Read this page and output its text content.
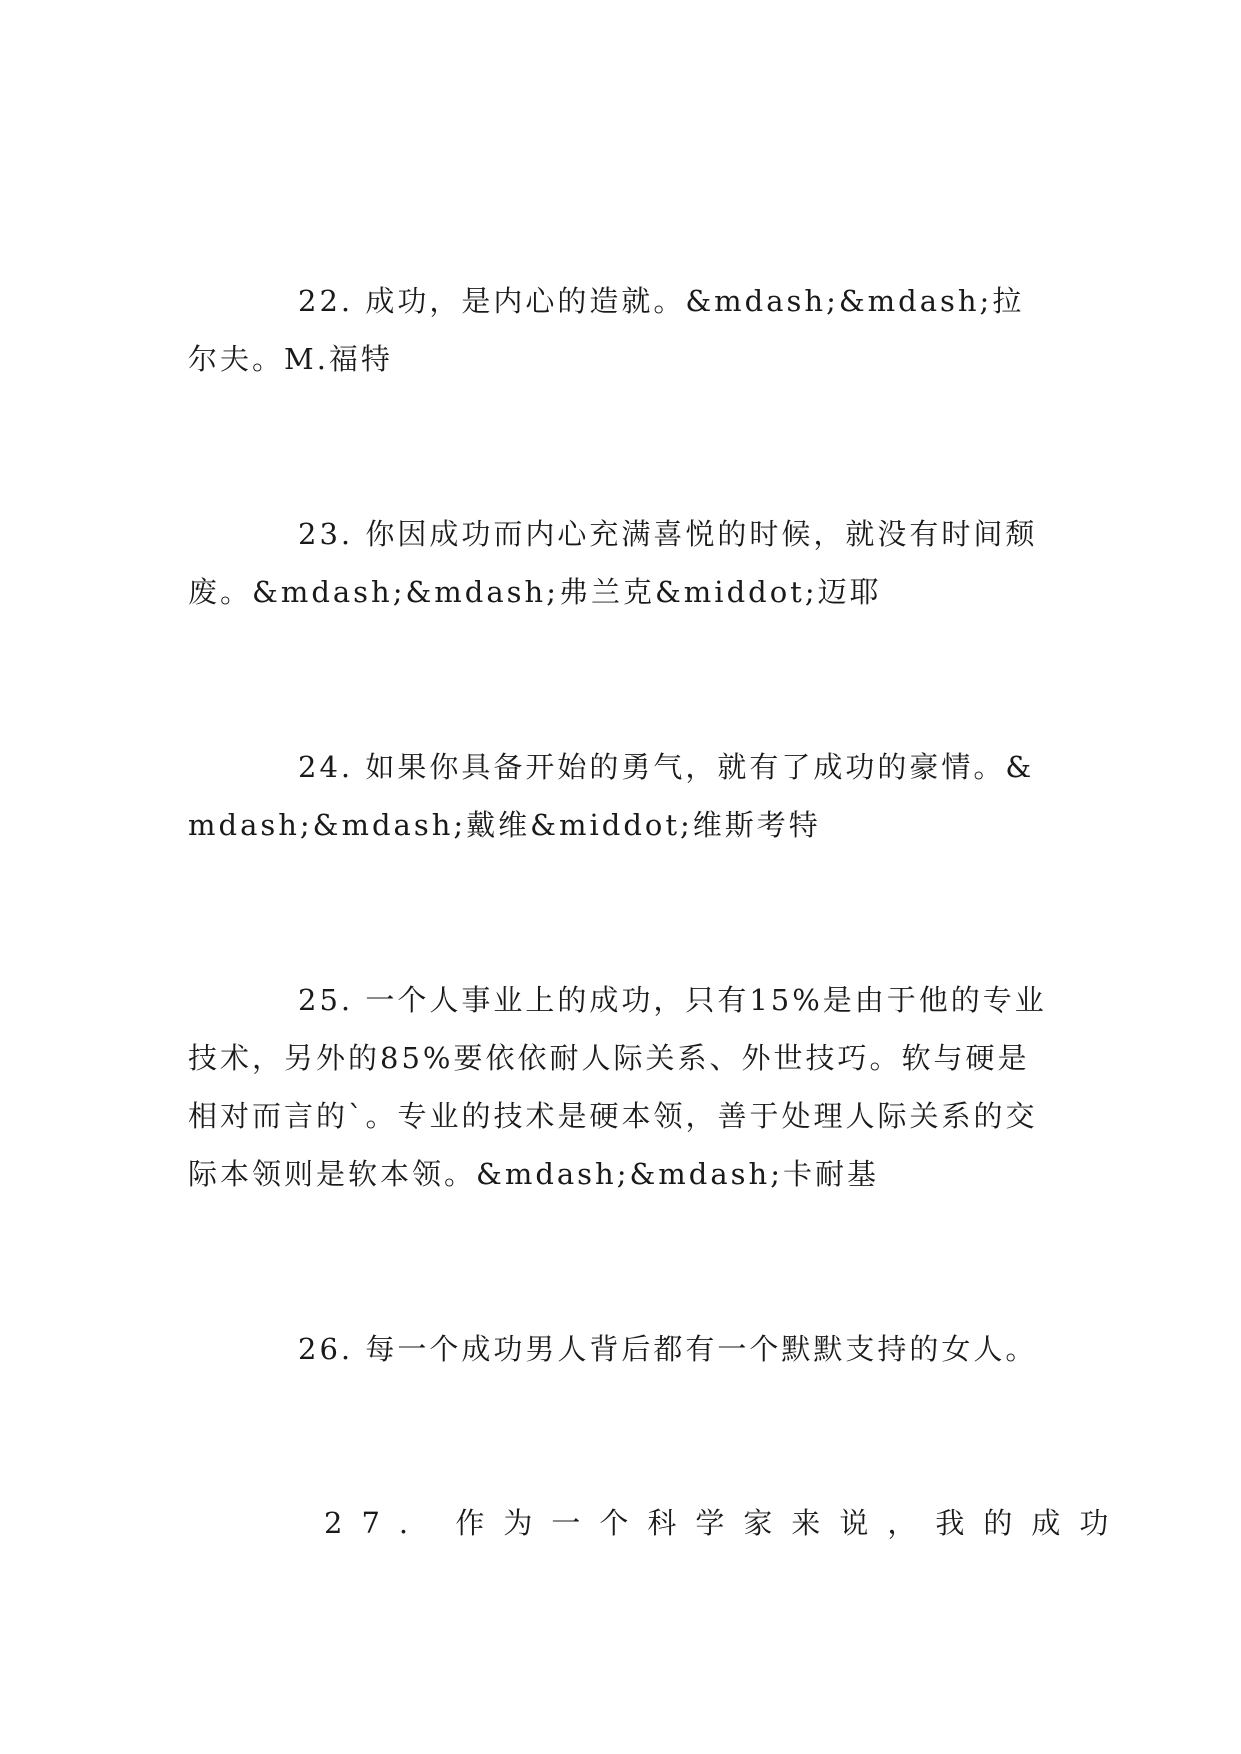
22. 成功，是内心的造就。&mdash;&mdash;拉尔夫。M.福特

23. 你因成功而内心充满喜悦的时候，就没有时间颓废。&mdash;&mdash;弗兰克&middot;迈耶

24. 如果你具备开始的勇气，就有了成功的豪情。&mdash;&mdash;戴维&middot;维斯考特

25. 一个人事业上的成功，只有15%是由于他的专业技术，另外的85%要依依耐人际关系、外世技巧。软与硬是相对而言的`。专业的技术是硬本领，善于处理人际关系的交际本领则是软本领。&mdash;&mdash;卡耐基

26. 每一个成功男人背后都有一个默默支持的女人。

27. 作为一个科学家来说，我的成功
